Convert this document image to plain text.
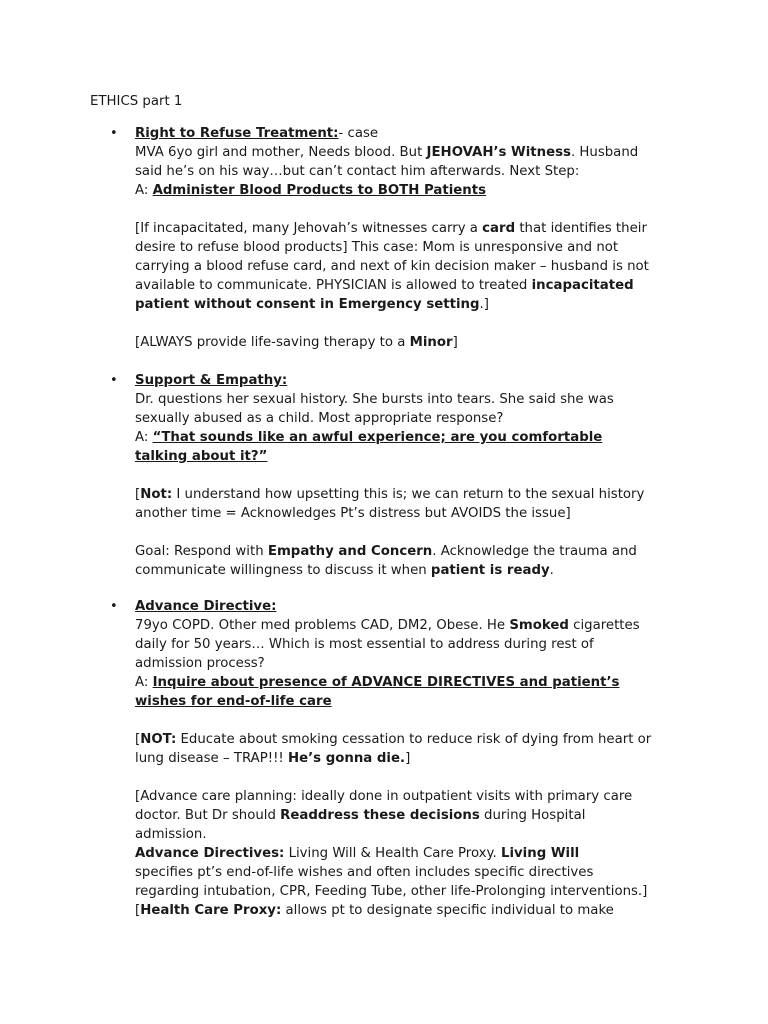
ETHICS part 1
•	Right to Refuse Treatment:- case
MVA 6yo girl and mother, Needs blood. But JEHOVAH’s Witness. Husband
said he’s on his way…but can’t contact him afterwards. Next Step:
A: Administer Blood Products to BOTH Patients
[If incapacitated, many Jehovah’s witnesses carry a card that identifies their
desire to refuse blood products] This case: Mom is unresponsive and not
carrying a blood refuse card, and next of kin decision maker – husband is not
available to communicate. PHYSICIAN is allowed to treated incapacitated
patient without consent in Emergency setting.]
[ALWAYS provide life-saving therapy to a Minor]
•	Support & Empathy:
Dr. questions her sexual history. She bursts into tears. She said she was
sexually abused as a child. Most appropriate response?
A: “That sounds like an awful experience; are you comfortable
talking about it?”
[Not: I understand how upsetting this is; we can return to the sexual history
another time = Acknowledges Pt’s distress but AVOIDS the issue]
Goal: Respond with Empathy and Concern. Acknowledge the trauma and
communicate willingness to discuss it when patient is ready.
•	Advance Directive:
79yo COPD. Other med problems CAD, DM2, Obese. He Smoked cigarettes
daily for 50 years… Which is most essential to address during rest of
admission process?
A: Inquire about presence of ADVANCE DIRECTIVES and patient’s
wishes for end-of-life care
[NOT: Educate about smoking cessation to reduce risk of dying from heart or
lung disease – TRAP!!! He’s gonna die.]
[Advance care planning: ideally done in outpatient visits with primary care
doctor. But Dr should Readdress these decisions during Hospital
admission.
Advance Directives: Living Will & Health Care Proxy. Living Will
specifies pt’s end-of-life wishes and often includes specific directives
regarding intubation, CPR, Feeding Tube, other life-Prolonging interventions.]
[Health Care Proxy: allows pt to designate specific individual to make
